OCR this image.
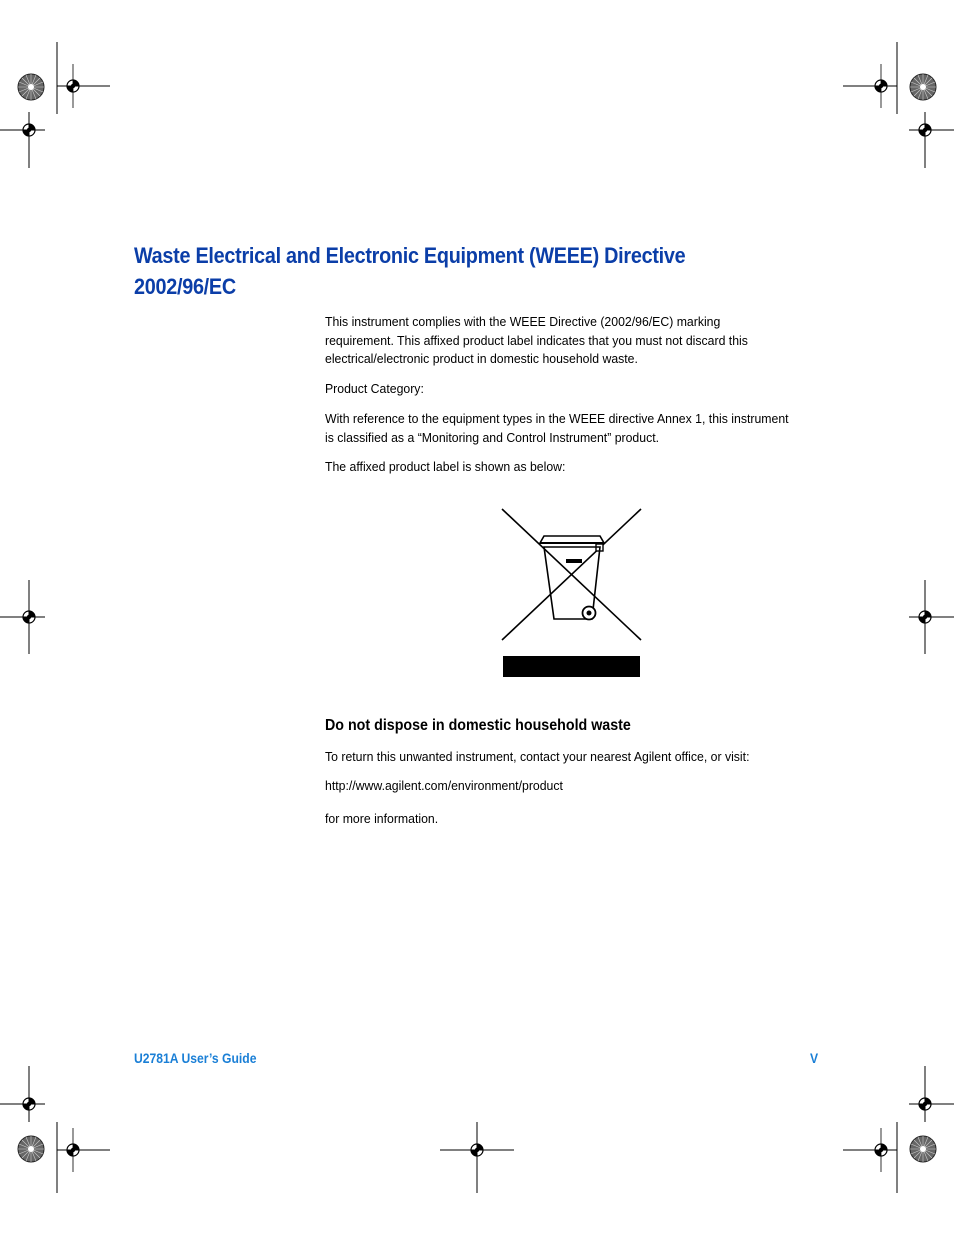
Waste Electrical and Electronic Equipment (WEEE) Directive
2002/96/EC

This instrument complies with the WEEE Directive (2002/96/EC) marking requirement. This affixed product label indicates that you must not discard this electrical/electronic product in domestic household waste.

Product Category:

With reference to the equipment types in the WEEE directive Annex 1, this instrument is classified as a “Monitoring and Control Instrument” product.

The affixed product label is shown as below:

Do not dispose in domestic household waste

To return this unwanted instrument, contact your nearest Agilent office, or visit:

http://www.agilent.com/environment/product

for more information.

U2781A User’s Guide	V
